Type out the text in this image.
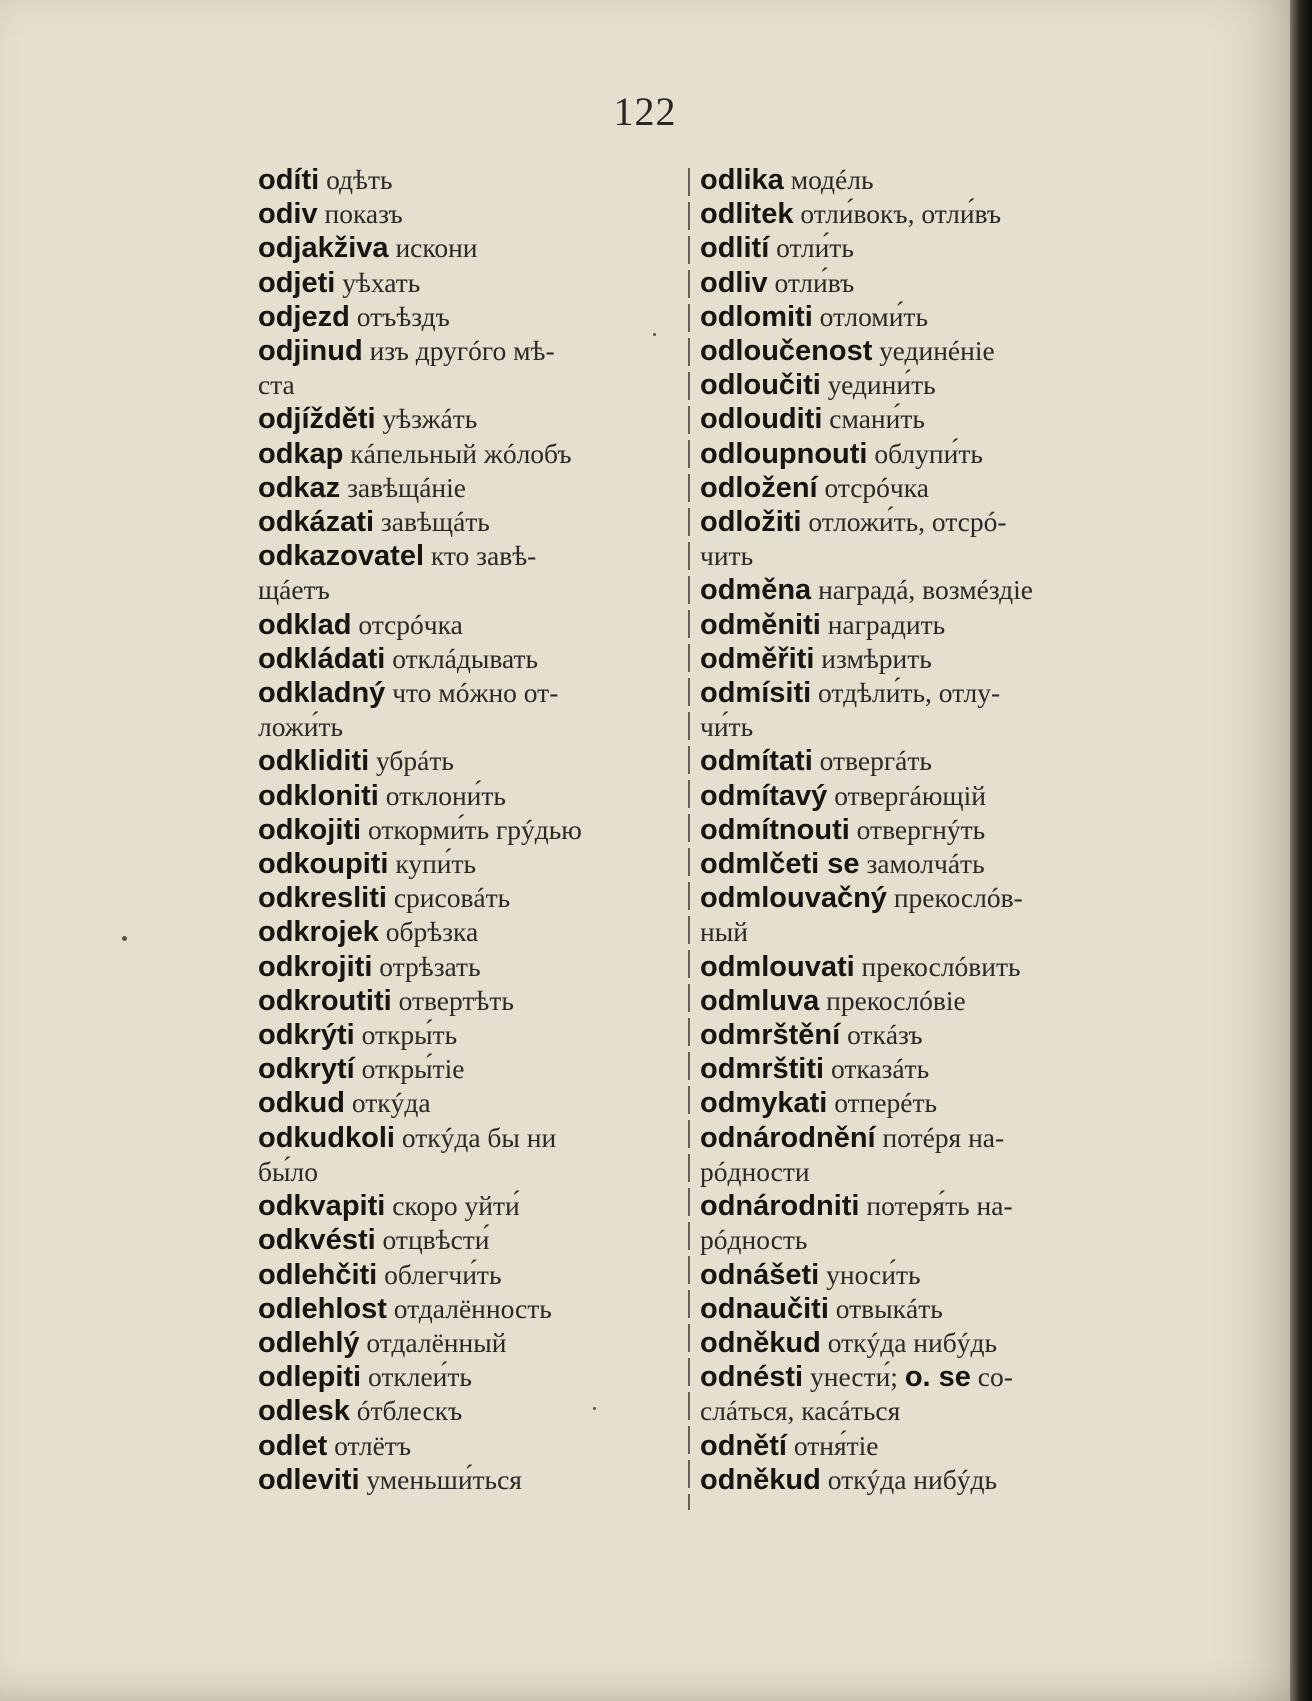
122

odíti одѣть

odiv показъ

odjakživa искони

odjeti уѣхать

odjezd отъѣздъ

odjinud изъ другóго мѣ-
ста

odjížděti уѣзжáть

odkap кáпельный жóлобъ

odkaz завѣщáніе

odkázati завѣщáть

odkazovatel кто завѣ-
щáетъ

odklad отсрóчка

odkládati отклáдывать

odkladný что мóжно от-
ложи́ть

odkliditi убрáть

odkloniti отклони́ть

odkojiti откорми́ть грýдью

odkoupiti купи́ть

odkresliti срисовáть

odkrojek обрѣзка

odkrojiti отрѣзать

odkroutiti отвертѣть

odkrýti откры́ть

odkrytí откры́тіе

odkud откýда

odkudkoli откýда бы ни
бы́ло

odkvapiti скоро уйти́

odkvésti отцвѣсти́

odlehčiti облегчи́ть

odlehlost отдалённость

odlehlý отдалённый

odlepiti отклеи́ть

odlesk óтблескъ

odlet отлётъ

odleviti уменьши́ться

odlika модéль

odlitek отли́вокъ, отли́въ

odlití отли́ть

odliv отли́въ

odlomiti отломи́ть

odloučenost уединéніе

odloučiti уедини́ть

odlouditi смани́ть

odloupnouti облупи́ть

odložení отсрóчка

odložiti отложи́ть, отсрó-
чить

odměna наградá, возмéздіе

odměniti наградить

odměřiti измѣрить

odmísiti отдѣли́ть, отлу-
чи́ть

odmítati отвергáть

odmítavý отвергáющій

odmítnouti отвергнýть

odmlčeti se замолчáть

odmlouvačný прекослóв-
ный

odmlouvati прекослóвить

odmluva прекослóвіе

odmrštění откáзъ

odmrštiti отказáть

odmykati отперéть

odnárodnění потéря на-
рóдности

odnárodniti потеря́ть на-
рóдность

odnášeti уноси́ть

odnaučiti отвыкáть

odněkud откýда нибýдь

odnésti унести́; o. se со-
слáться, касáться

odnětí отня́тіе

odněkud откýда нибýдь
